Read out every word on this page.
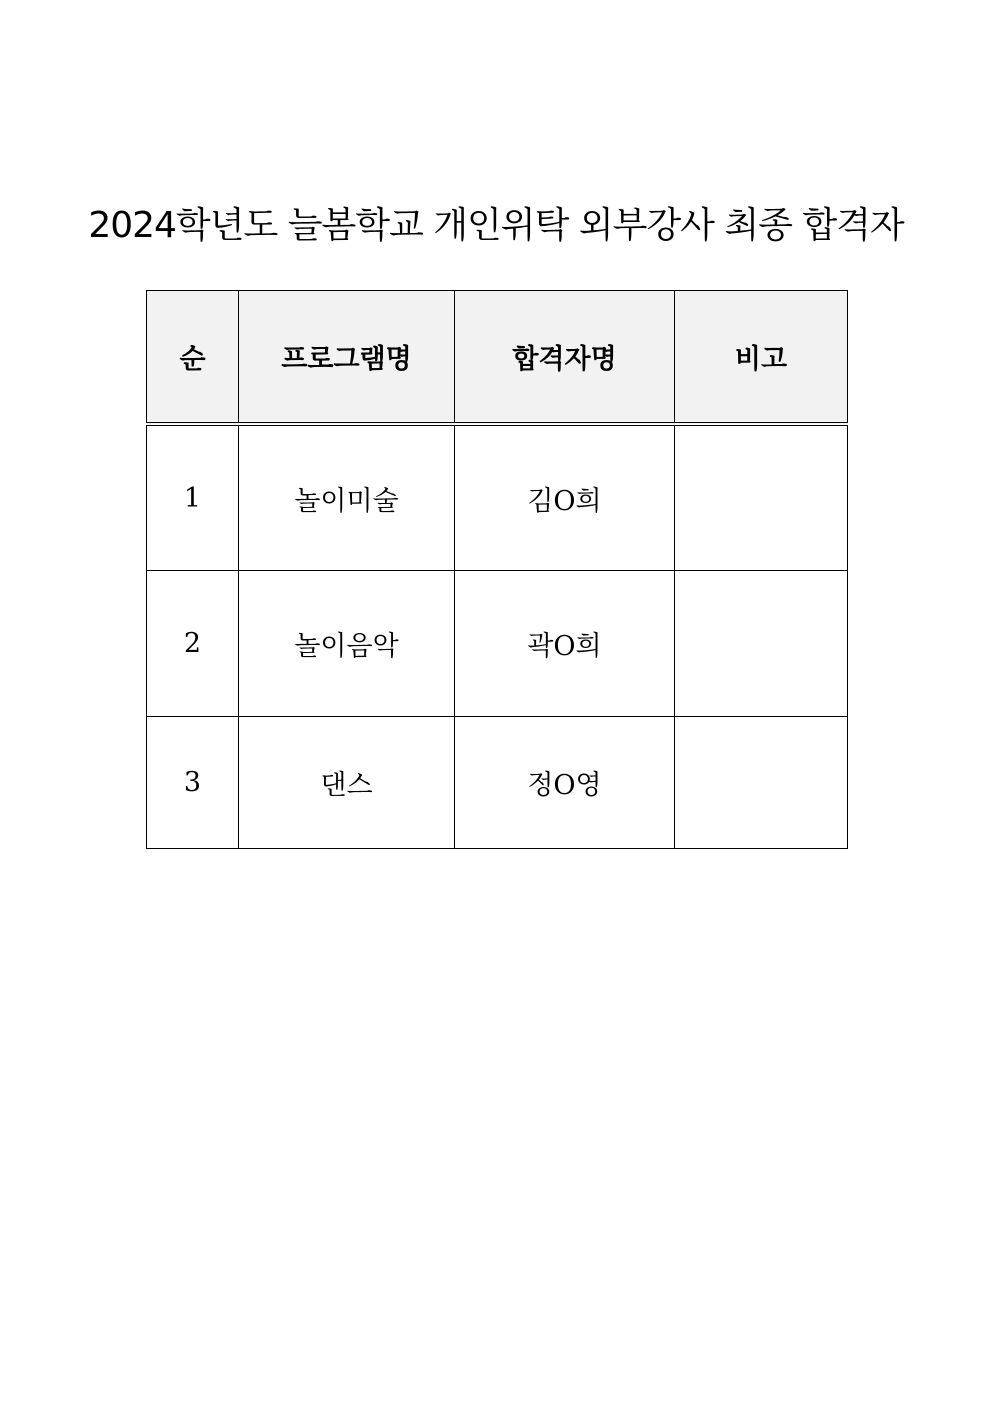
2024학년도 늘봄학교 개인위탁 외부강사 최종 합격자
순	프로그램명	합격자명	비고
1	놀이미술	김O희	
2	놀이음악	곽O희	
3	댄스	정O영	
